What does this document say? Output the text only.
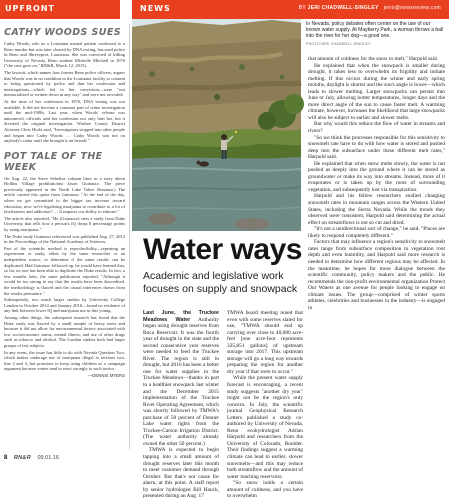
UPFRONT	NEWS	BY JERI CHADWELL-SINGLEY jerio@newsreview.com
CATHY WOODS SUES

Cathy Woods, who as a Louisiana mental patient confessed to a Reno murder but was later cleared by DNA testing, has sued police in Reno and Shreveport, Louisiana. She was convicted of killing University of Nevada, Reno student Michelle Mitchell in 1976 ("the case goes on," RN&R, March 12, 2015).

The lawsuit, which names four former Reno police officers, argues that Woods was in no condition in the Louisiana facility to consent to being questioned by police and that her confession and interrogations—which led to her conviction—were "not memorialized or written down in any way" and were not recorded.

At the time of her confession in 1976, DNA testing was not available. It did not become a common part of crime investigation until the mid-1980s. Last year, when Woods' release was announced, officials said her confession not only hurt her, but it diverted the original investigation. Washoe County District Attorney Chris Hicks said, "Investigators stopped into other people and began into Cathy Woods. … Cathy Woods was not on anybody's radar until she brought it on herself."

POT TALE OF THE WEEK

On Aug. 22, the Steve Sebelius column lines in a story about Hollins Village prohibitionist Jason Guinasso. The piece previously appeared in the North Lake Tahoe Bonanza.) The article carried this quote from Guinasso: "At the end of the day, when we get committed to the bigger tax increase toward education, now we're legalizing marijuana to contribute to a lot of lawlessness and addiction? … It impacts our ability to educate."

The article also reported, "He (Guinasso) cites a study from Duke University that tells how a person's IQ drops 8 percentage points by using marijuana."

The Duke study Guinasso referenced was published Aug. 27, 2012 in the Proceedings of the National Academy of Sciences.

Part of the scientific method is reproducibility—repeating an experiment or study, either by the same researcher or an independent source, to determine if the same results can be duplicated. Had Guinasso followed up, he would have learned that, so far, no one has been able to duplicate the Duke results. In fact, a few months later, the same publication reported, "Although it would be too strong to say that the results have been discredited, the methodology is flawed and the causal inferences drawn from the results premature."

Subsequently, two much larger studies by University College London in October 2014 and January 2016—found no evidence of any link between lower IQ and marijuana use in this young.

Among other things, the subsequent research has found that the Duke study was flawed by a small sample of heavy users and because it did not allow for environmental factors associated with low socioeconomic status, mental illness, and use of other drugs such as tobacco and alcohol. The London studies both had larger groups of test subjects.

In any event, the issue has little to do with Nevada Question Two, which makes underage use of marijuana illegal at sections two, line 2 and 3, but promises to keep using children as a campaign argument because voters tend to react strongly to such tactics.

—DENNIS MYERS

In Nevada, policy debates often center on the use of our known water supply. At Mayberry Park, a woman throws a ball into the river for her dog—a good one.

PHOTO/JERI CHADWELL-SINGLEY

that amount of coldness for the snow to melt," Harpold said.

He explained that when the snowpack is smaller during drought, it takes less to overwhelm its frigidity and initiate melting. If this occurs during the winter and early spring months, daylight is shorter and the sun's angle is lower—which leads to slower melting. Larger snowpacks can persist into June or July, allowing hotter temperatures, longer days and the more direct angle of the sun to cause faster melt. A warming climate, however, increases the likelihood that large snowpacks will also be subject to earlier and slower melts.

But why would this reduce the flow of water in streams and rivers?

"So we think the processes responsible for this sensitivity to snowmelt rate have to do with how water is stored and pushed deep into the subsurface under these different melt rates," Harpold said.

He explained that when snow melts slowly, the water is not pushed as deeply into the ground where it can be stored as groundwater or make its way into streams. Instead, more of it evaporates or is taken up by the roots of surrounding vegetation, and subsequently lost via transpiration.

Harpold and his fellow researchers studied changing snowmelt rates in mountain ranges across the Western United States, including the Sierra Nevada. While the trends they observed were consistent, Harpold said determining the actual effect on streamflows is not so cut and dried.

"It's not a unidirectional sort of change," he said. "Places are likely to respond completely different."

Factors that may influence a region's sensitivity to snowmelt rates range from subsurface composition to vegetation root depth and even humidity, and Harpold said more research is needed to determine how different regions may be affected. In the meantime, he hopes for more dialogue between the scientific community, policy makers and the public. He recommends the non-profit environmental organization Protect Our Waters as one avenue for people looking to engage on climate issues. The group—comprised of winter sports athletes, celebrities and businesses in the industry—is engaged in

Water ways
Academic and legislative work focuses on supply and snowpack

Last June, the Truckee Meadows Water Authority began using drought reserves from Boca Reservoir. It was the fourth year of drought in the state and the second consecutive year reserves were needed to feed the Truckee River. The region is still in drought, but 2016 has been a better one for water supplies in the Truckee Meadows—thanks in part to a healthier snowpack last winter and the December 2015 implementation of the Truckee River Operating Agreement, which was shortly followed by TMWA's purchase of 50 percent of Donner Lake water rights from the Truckee-Carson Irrigation District. (The water authority already owned the other 50 percent.)

TMWA is expected to begin tapping into a small amount of drought reserves later this month to meet customer demand through October. But that's not cause for alarm, at this point. A staff report by senior hydrologist Bill Hauck, presented during an Aug. 17

TMWA board meeting noted that even with some reserves slated for use, "TMWA should end up carrying over close to 40,000 acre-feet [one acre-foot represents 325,851 gallons] of upstream storage into 2017. This upstream storage will go a long way towards preparing the region for another dry year if that were to occur."

While the present water supply forecast is encouraging, a recent study suggests "another dry year" might not be the region's only concern. In July, the scientific journal Geophysical Research Letters published a study co-authored by University of Nevada, Reno ecohydrologist Adrian Harpold and researchers from the University of Colorado, Boulder. Their findings suggest a warming climate can lead to earlier, slower snowmelts—and this may reduce both streamflow and the amount of water reaching reservoirs.

"So snow holds a certain amount of coldness, and you have to overwhelm

8 RN&R 09.01.16
